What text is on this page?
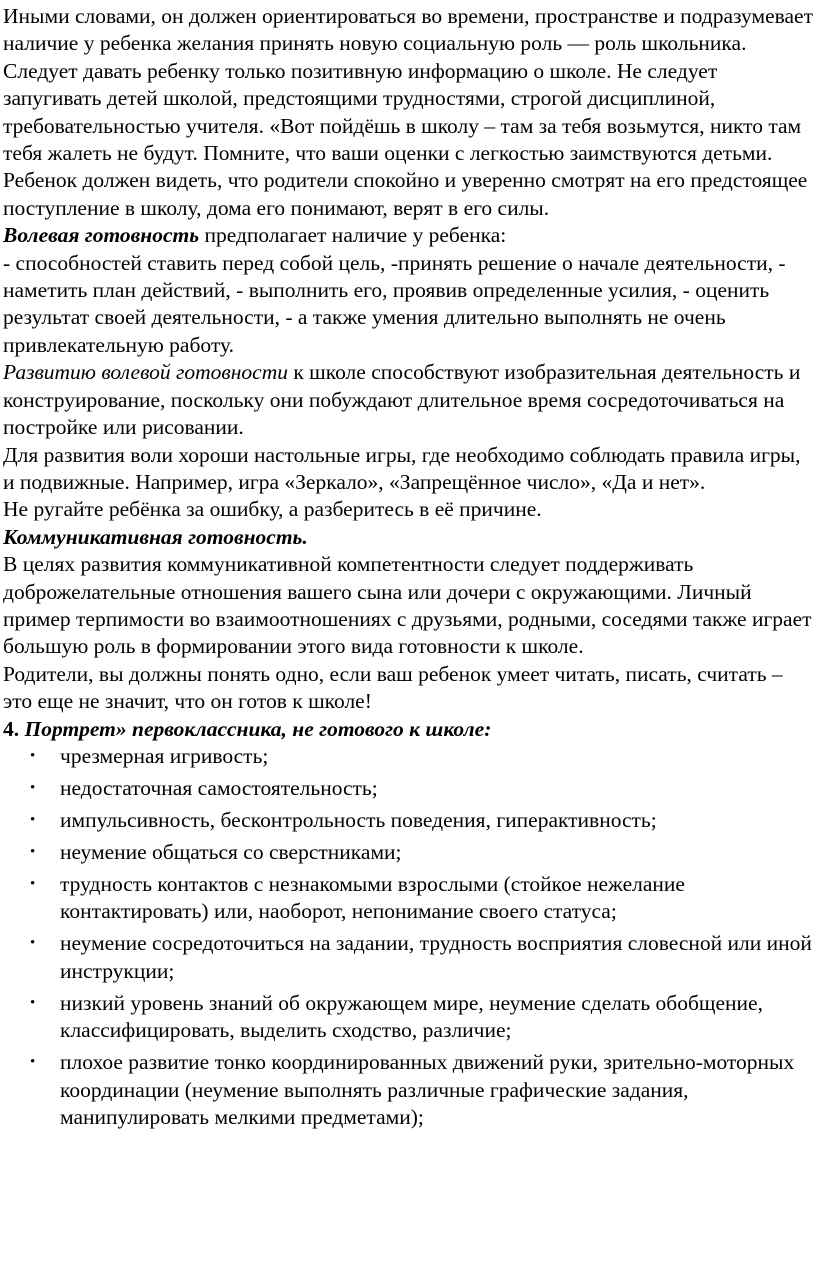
Иными словами, он должен ориентироваться во времени, пространстве и подразумевает наличие у ребенка желания принять новую социальную роль — роль школьника.

Следует давать ребенку только позитивную информацию о школе. Не следует запугивать детей школой, предстоящими трудностями, строгой дисциплиной, требовательностью учителя. «Вот пойдёшь в школу – там за тебя возьмутся, никто там тебя жалеть не будут. Помните, что ваши оценки с легкостью заимствуются детьми. Ребенок должен видеть, что родители спокойно и уверенно смотрят на его предстоящее поступление в школу, дома его понимают, верят в его силы.

Волевая готовность предполагает наличие у ребенка:

- способностей ставить перед собой цель, -принять решение о начале деятельности, - наметить план действий, - выполнить его, проявив определенные усилия, - оценить результат своей деятельности, - а также умения длительно выполнять не очень привлекательную работу.

Развитию волевой готовности к школе способствуют изобразительная деятельность и конструирование, поскольку они побуждают длительное время сосредоточиваться на постройке или рисовании.

Для развития воли хороши настольные игры, где необходимо соблюдать правила игры, и подвижные. Например, игра «Зеркало», «Запрещённое число», «Да и нет».

Не ругайте ребёнка за ошибку, а разберитесь в её причине.

Коммуникативная готовность.

В целях развития коммуникативной компетентности следует поддерживать доброжелательные отношения вашего сына или дочери с окружающими. Личный пример терпимости во взаимоотношениях с друзьями, родными, соседями также играет большую роль в формировании этого вида готовности к школе.

Родители, вы должны понять одно, если ваш ребенок умеет читать, писать, считать – это еще не значит, что он готов к школе!

4. Портрет» первоклассника, не готового к школе:

• чрезмерная игривость;
• недостаточная самостоятельность;
• импульсивность, бесконтрольность поведения, гиперактивность;
• неумение общаться со сверстниками;
• трудность контактов с незнакомыми взрослыми (стойкое нежелание контактировать) или, наоборот, непонимание своего статуса;
• неумение сосредоточиться на задании, трудность восприятия словесной или иной инструкции;
• низкий уровень знаний об окружающем мире, неумение сделать обобщение, классифицировать, выделить сходство, различие;
• плохое развитие тонко координированных движений руки, зрительно-моторных координации (неумение выполнять различные графические задания, манипулировать мелкими предметами);
